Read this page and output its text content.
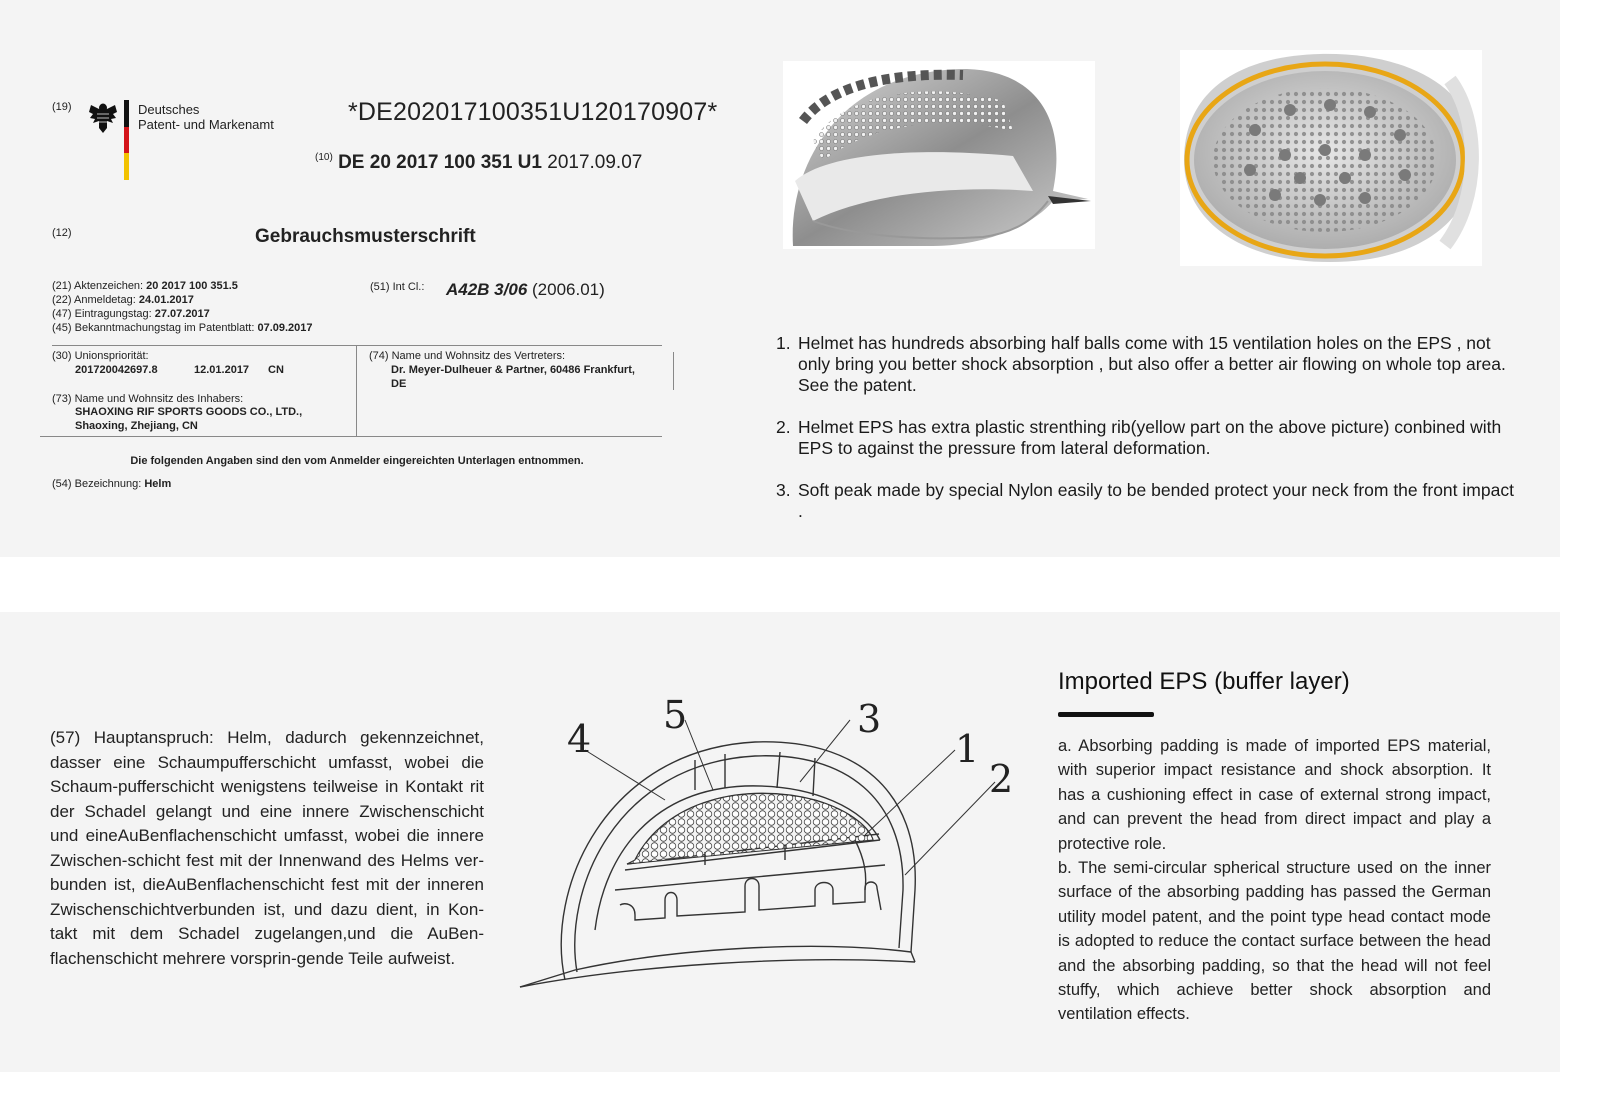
(19)	Deutsches
Patent- und Markenamt	*DE202017100351U120170907*
$^{(10)}$ DE 20 2017 100 351 U1 2017.09.07
(12)	Gebrauchsmusterschrift
(21) Aktenzeichen: 20 2017 100 351.5
(22) Anmeldetag: 24.01.2017
(47) Eintragungstag: 27.07.2017
(45) Bekanntmachungstag im Patentblatt: 07.09.2017
(51) Int Cl.: A42B 3/06 (2006.01)
(30) Unionspriorität:
201720042697.8	12.01.2017 CN
(73) Name und Wohnsitz des Inhabers:
SHAOXING RIF SPORTS GOODS CO., LTD.,
Shaoxing, Zhejiang, CN
(74) Name und Wohnsitz des Vertreters:
Dr. Meyer-Dulheuer & Partner, 60486 Frankfurt,
DE
Die folgenden Angaben sind den vom Anmelder eingereichten Unterlagen entnommen.
(54) Bezeichnung: Helm
1. Helmet has hundreds absorbing half balls come with 15 ventilation holes on the EPS , not only bring you better shock absorption , but also offer a better air flowing on whole top area. See the patent.
2. Helmet EPS has extra plastic strenthing rib(yellow part on the above picture) conbined with EPS to against the pressure from lateral deformation.
3. Soft peak made by special Nylon easily to be bended protect your neck from the front impact .
(57) Hauptanspruch: Helm, dadurch gekennzeichnet, dasser eine Schaumpufferschicht umfasst, wobei die Schaum-pufferschicht wenigstens teilweise in Kontakt rit der Schadel gelangt und eine innere Zwischenschicht und eineAuBenflachenschicht umfasst, wobei die innere Zwischen-schicht fest mit der Innenwand des Helms ver-bunden ist, dieAuBenflachenschicht fest mit der inneren Zwischenschichtverbunden ist, und dazu dient, in Kon-takt mit dem Schadel zugelangen,und die AuBen-flachenschicht mehrere vorsprin-gende Teile aufweist.
1
2
3
4
5
Imported EPS (buffer layer)

a. Absorbing padding is made of imported EPS material, with superior impact resistance and shock absorption. It has a cushioning effect in case of external strong impact, and can prevent the head from direct impact and play a protective role.

b. The semi-circular spherical structure used on the inner surface of the absorbing padding has passed the German utility model patent, and the point type head contact mode is adopted to reduce the contact surface between the head and the absorbing padding, so that the head will not feel stuffy, which achieve better shock absorption and ventilation effects.
